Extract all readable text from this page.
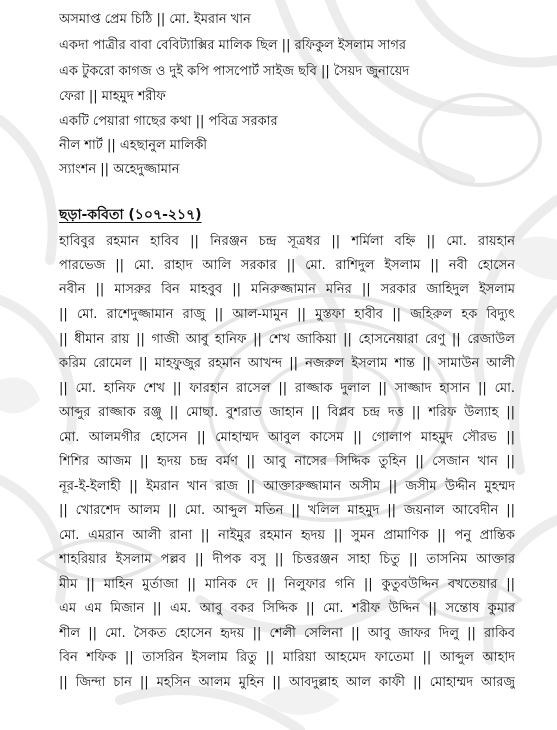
অসমাপ্ত প্রেম চিঠি || মো. ইমরান খান
একদা পাত্রীর বাবা বেবিট্যাক্সির মালিক ছিল || রফিকুল ইসলাম সাগর
এক টুকরো কাগজ ও দুই কপি পাসপোর্ট সাইজ ছবি || সৈয়দ জুনায়েদ
ফেরা || মাহমুদ শরীফ
একটি পেয়ারা গাছের কথা || পবিত্র সরকার
নীল শার্ট || এহছানুল মালিকী
স্যাংশন || অহেদুজ্জামান
ছড়া-কবিতা (১০৭-২১৭)
হাবিবুর রহমান হাবিব || নিরঞ্জন চন্দ্র সূত্রধর || শর্মিলা বহ্নি || মো. রায়হান
পারভেজ || মো. রাহাদ আলি সরকার || মো. রাশিদুল ইসলাম || নবী হোসেন
নবীন || মাসরুর বিন মাহবুব || মনিরুজ্জামান মনির || সরকার জাহিদুল ইসলাম
|| মো. রাশেদুজ্জামান রাজু || আল-মামুন || মুস্তফা হাবীব || জহিরুল হক বিদ্যুৎ
|| ধীমান রায় || গাজী আবু হানিফ || শেখ জাকিয়া || হোসনেয়ারা রেণু || রেজাউল
করিম রোমেল || মাহফুজুর রহমান আখন্দ || নজরুল ইসলাম শান্ত || সামাউন আলী
|| মো. হানিফ শেখ || ফারহান রাসেল || রাজ্জাক দুলাল || সাজ্জাদ হাসান || মো.
আব্দুর রাজ্জাক রঞ্জু || মোছা. বুশরাত জাহান || বিপ্লব চন্দ্র দত্ত || শরিফ উল্যাহ ||
মো. আলমগীর হোসেন || মোহাম্মদ আবুল কাসেম || গোলাপ মাহমুদ সৌরভ ||
শিশির আজম || হৃদয় চন্দ্র বর্মণ || আবু নাসের সিদ্দিক তুহিন || সেজান খান ||
নূর-ই-ইলাহী || ইমরান খান রাজ || আক্তারুজ্জামান অসীম || জসীম উদ্দীন মুহম্মদ
|| খোরশেদ আলম || মো. আব্দুল মতিন || খলিল মাহমুদ || জয়নাল আবেদীন ||
মো. এমরান আলী রানা || নাইমুর রহমান হৃদয় || সুমন প্রামাণিক || পনু প্রান্তিক
শাহরিয়ার ইসলাম পল্লব || দীপক বসু || চিত্তরঞ্জন সাহা চিতু || তাসনিম আক্তার
মীম || মাহিন মুর্তাজা || মানিক দে || নিলুফার গনি || কুতুবউদ্দিন বখতেয়ার ||
এম এম মিজান || এম. আবু বকর সিদ্দিক || মো. শরীফ উদ্দিন || সন্তোষ কুমার
শীল || মো. সৈকত হোসেন হৃদয় || শেলী সেলিনা || আবু জাফর দিলু || রাকিব
বিন শফিক || তাসরিন ইসলাম রিতু || মারিয়া আহমেদ ফাতেমা || আব্দুল আহাদ
|| জিন্দা চান || মহসিন আলম মুহিন || আবদুল্লাহ আল কাফী || মোহাম্মদ আরজু
